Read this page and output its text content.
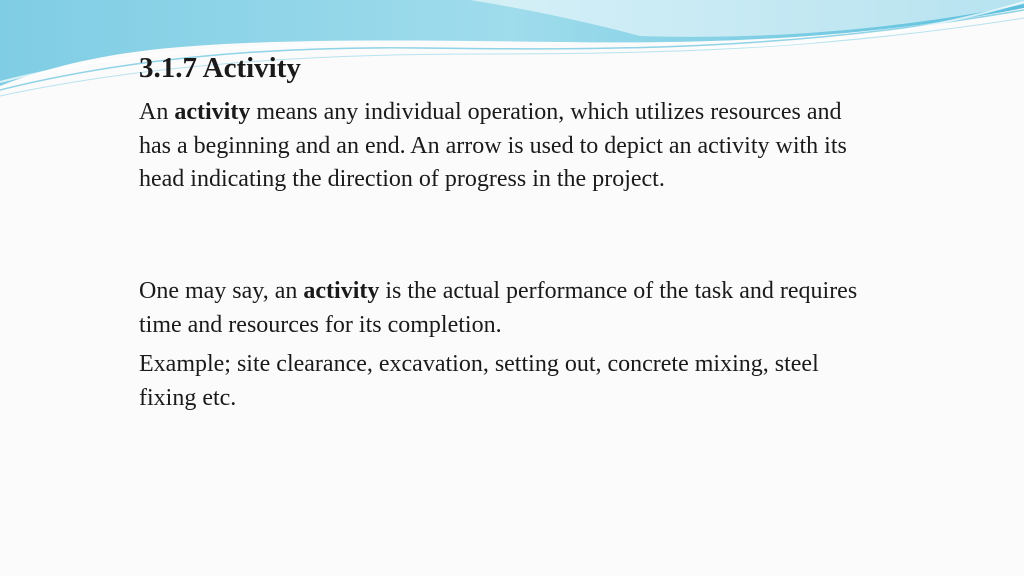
3.1.7 Activity

An activity means any individual operation, which utilizes resources and has a beginning and an end. An arrow is used to depict an activity with its head indicating the direction of progress in the project.

One may say, an activity is the actual performance of the task and requires time and resources for its completion.

Example; site clearance, excavation, setting out, concrete mixing, steel fixing etc.
